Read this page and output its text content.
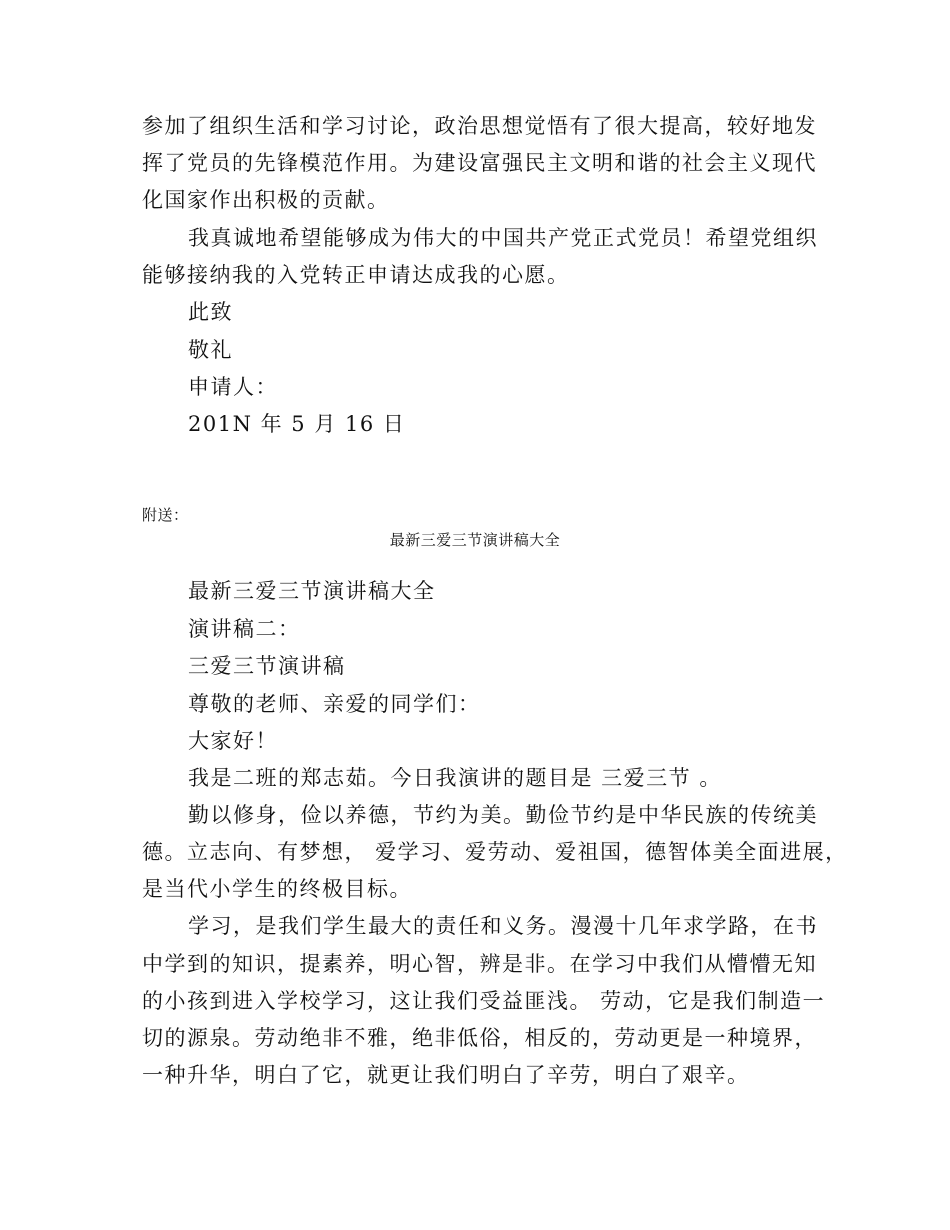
参加了组织生活和学习讨论，政治思想觉悟有了很大提高，较好地发
挥了党员的先锋模范作用。为建设富强民主文明和谐的社会主义现代
化国家作出积极的贡献。
我真诚地希望能够成为伟大的中国共产党正式党员！希望党组织
能够接纳我的入党转正申请达成我的心愿。
此致
敬礼
申请人：
201N 年 5 月 16 日
附送：
最新三爱三节演讲稿大全
最新三爱三节演讲稿大全
演讲稿二：
三爱三节演讲稿
尊敬的老师、亲爱的同学们：
大家好！
我是二班的郑志茹。今日我演讲的题目是 三爱三节 。
勤以修身，俭以养德，节约为美。勤俭节约是中华民族的传统美
德。立志向、有梦想， 爱学习、爱劳动、爱祖国，德智体美全面进展，
是当代小学生的终极目标。
学习，是我们学生最大的责任和义务。漫漫十几年求学路，在书
中学到的知识，提素养，明心智，辨是非。在学习中我们从懵懵无知
的小孩到进入学校学习，这让我们受益匪浅。 劳动，它是我们制造一
切的源泉。劳动绝非不雅，绝非低俗，相反的，劳动更是一种境界，
一种升华，明白了它，就更让我们明白了辛劳，明白了艰辛。
